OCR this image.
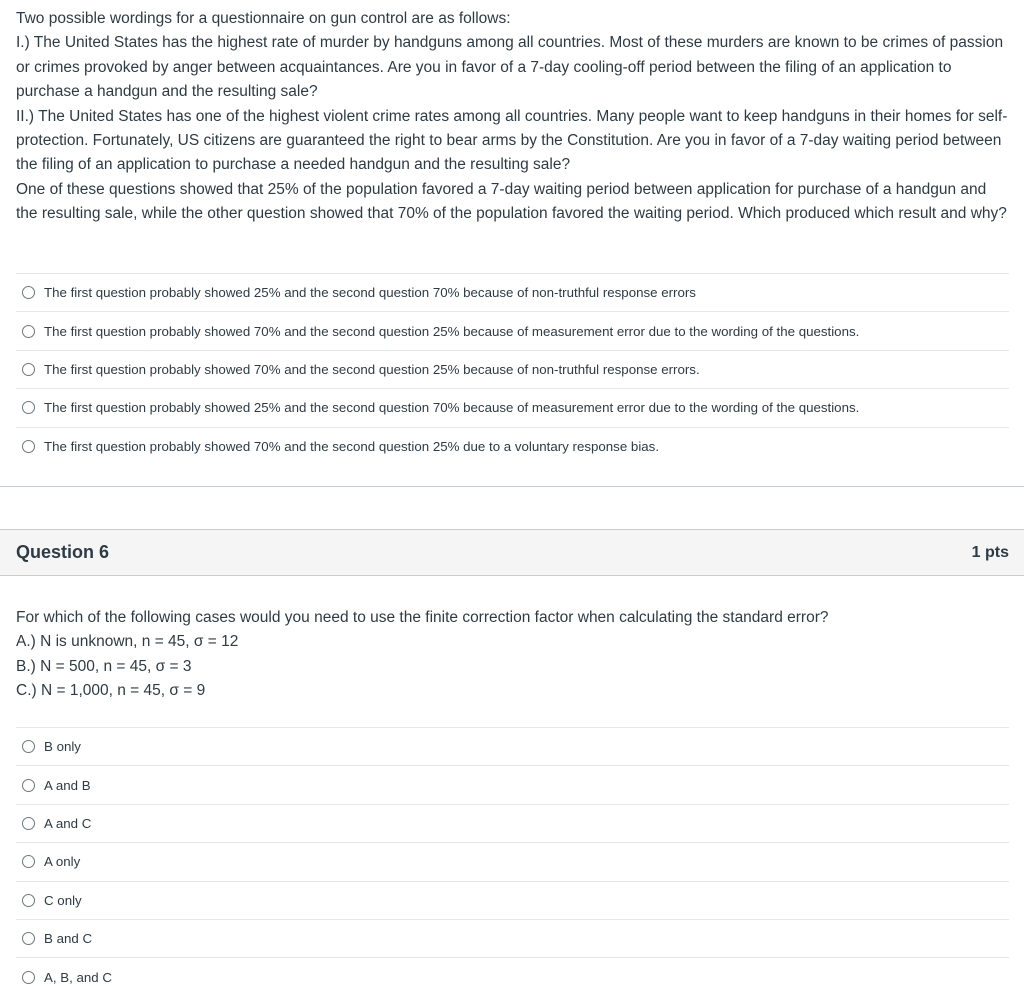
Two possible wordings for a questionnaire on gun control are as follows:

I.) The United States has the highest rate of murder by handguns among all countries. Most of these murders are known to be crimes of passion or crimes provoked by anger between acquaintances. Are you in favor of a 7-day cooling-off period between the filing of an application to purchase a handgun and the resulting sale?

II.) The United States has one of the highest violent crime rates among all countries. Many people want to keep handguns in their homes for self-protection. Fortunately, US citizens are guaranteed the right to bear arms by the Constitution. Are you in favor of a 7-day waiting period between the filing of an application to purchase a needed handgun and the resulting sale?

One of these questions showed that 25% of the population favored a 7-day waiting period between application for purchase of a handgun and the resulting sale, while the other question showed that 70% of the population favored the waiting period. Which produced which result and why?

The first question probably showed 25% and the second question 70% because of non-truthful response errors
The first question probably showed 70% and the second question 25% because of measurement error due to the wording of the questions.
The first question probably showed 70% and the second question 25% because of non-truthful response errors.
The first question probably showed 25% and the second question 70% because of measurement error due to the wording of the questions.
The first question probably showed 70% and the second question 25% due to a voluntary response bias.
Question 6	1 pts

For which of the following cases would you need to use the finite correction factor when calculating the standard error?

A.) N is unknown, n = 45, σ = 12

B.) N = 500, n = 45, σ = 3

C.) N = 1,000, n = 45, σ = 9

B only
A and B
A and C
A only
C only
B and C
A, B, and C
